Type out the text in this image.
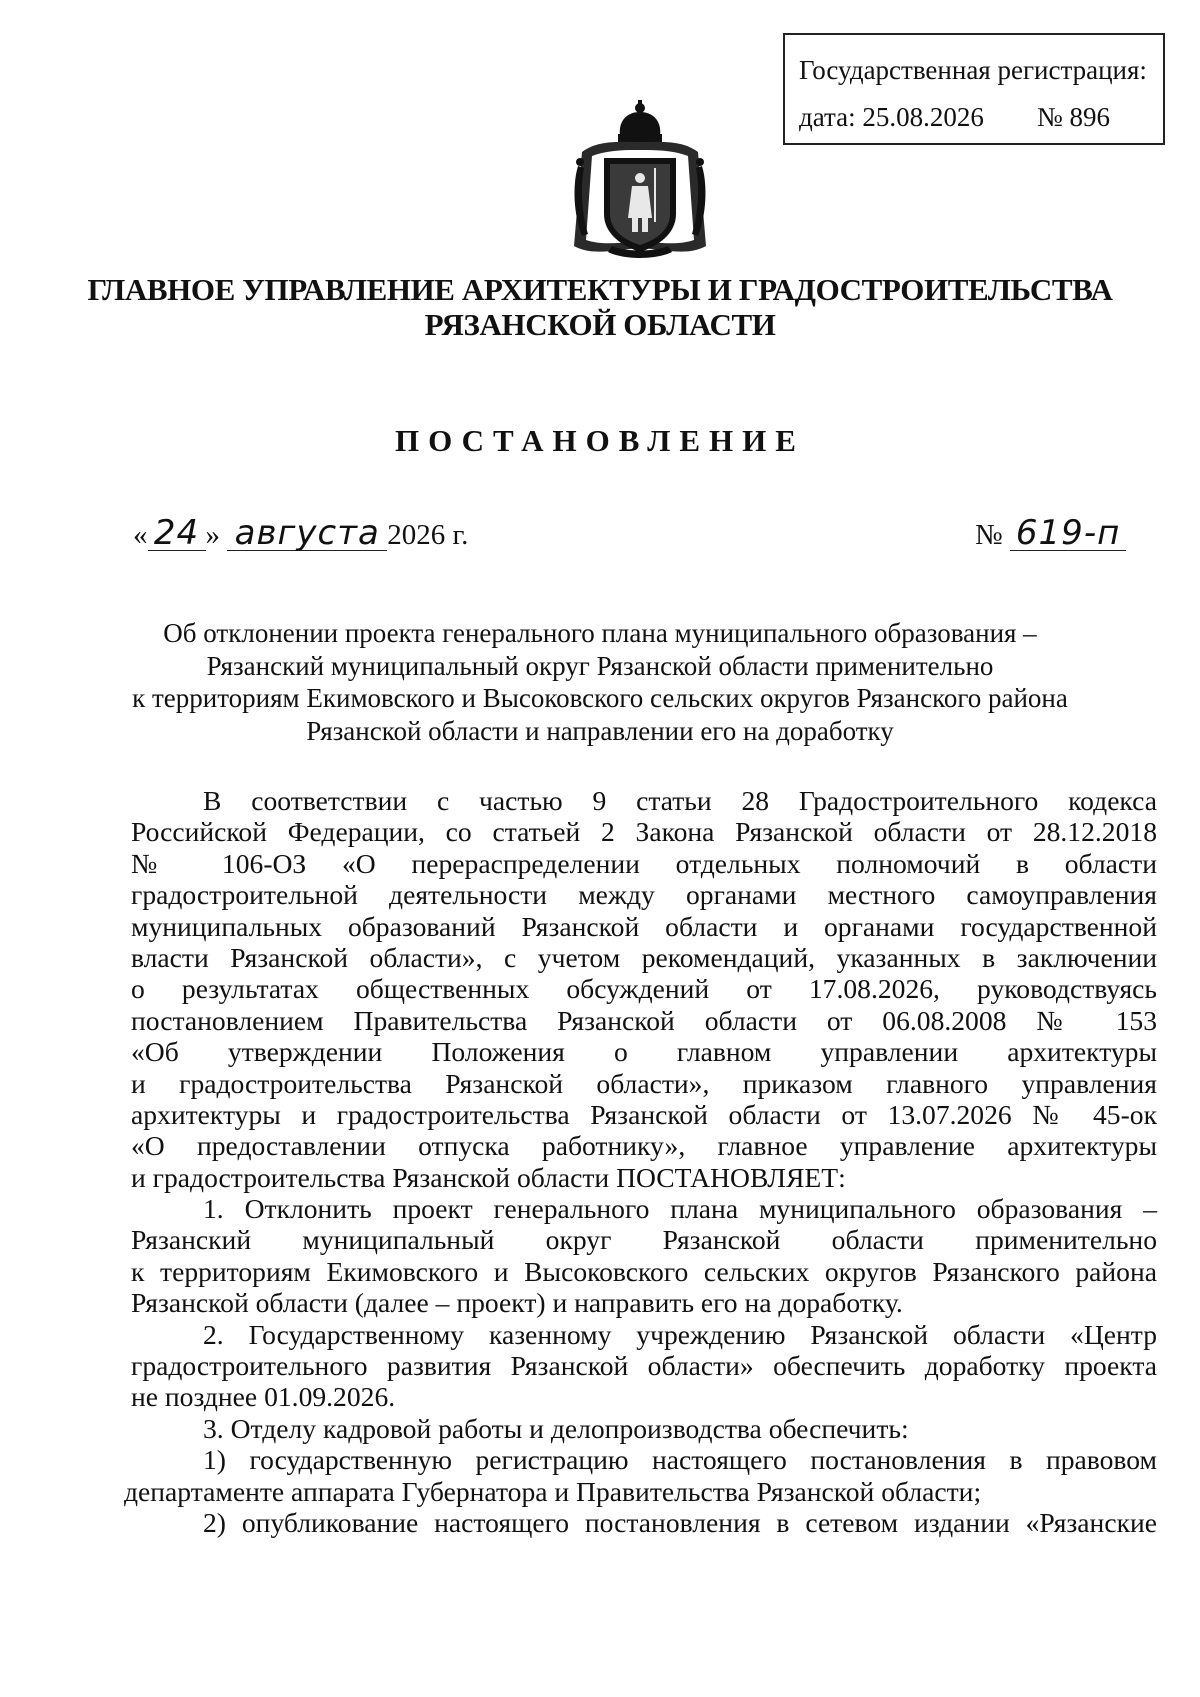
Государственная регистрация:
дата: 25.08.2026 № 896
ГЛАВНОЕ УПРАВЛЕНИЕ АРХИТЕКТУРЫ И ГРАДОСТРОИТЕЛЬСТВА
РЯЗАНСКОЙ ОБЛАСТИ
ПОСТАНОВЛЕНИЕ
« 24 » августа 2026 г.	№ 619-п
Об отклонении проекта генерального плана муниципального образования –
Рязанский муниципальный округ Рязанской области применительно
к территориям Екимовского и Высоковского сельских округов Рязанского района
Рязанской области и направлении его на доработку
В соответствии с частью 9 статьи 28 Градостроительного кодекса
Российской Федерации, со статьей 2 Закона Рязанской области от 28.12.2018
№ 106-ОЗ «О перераспределении отдельных полномочий в области
градостроительной деятельности между органами местного самоуправления
муниципальных образований Рязанской области и органами государственной
власти Рязанской области», с учетом рекомендаций, указанных в заключении
о результатах общественных обсуждений от 17.08.2026, руководствуясь
постановлением Правительства Рязанской области от 06.08.2008 № 153
«Об утверждении Положения о главном управлении архитектуры
и градостроительства Рязанской области», приказом главного управления
архитектуры и градостроительства Рязанской области от 13.07.2026 № 45-ок
«О предоставлении отпуска работнику», главное управление архитектуры
и градостроительства Рязанской области ПОСТАНОВЛЯЕТ:
1. Отклонить проект генерального плана муниципального образования –
Рязанский муниципальный округ Рязанской области применительно
к территориям Екимовского и Высоковского сельских округов Рязанского района
Рязанской области (далее – проект) и направить его на доработку.
2. Государственному казенному учреждению Рязанской области «Центр
градостроительного развития Рязанской области» обеспечить доработку проекта
не позднее 01.09.2026.
3. Отделу кадровой работы и делопроизводства обеспечить:
1) государственную регистрацию настоящего постановления в правовом
департаменте аппарата Губернатора и Правительства Рязанской области;
2) опубликование настоящего постановления в сетевом издании «Рязанские
